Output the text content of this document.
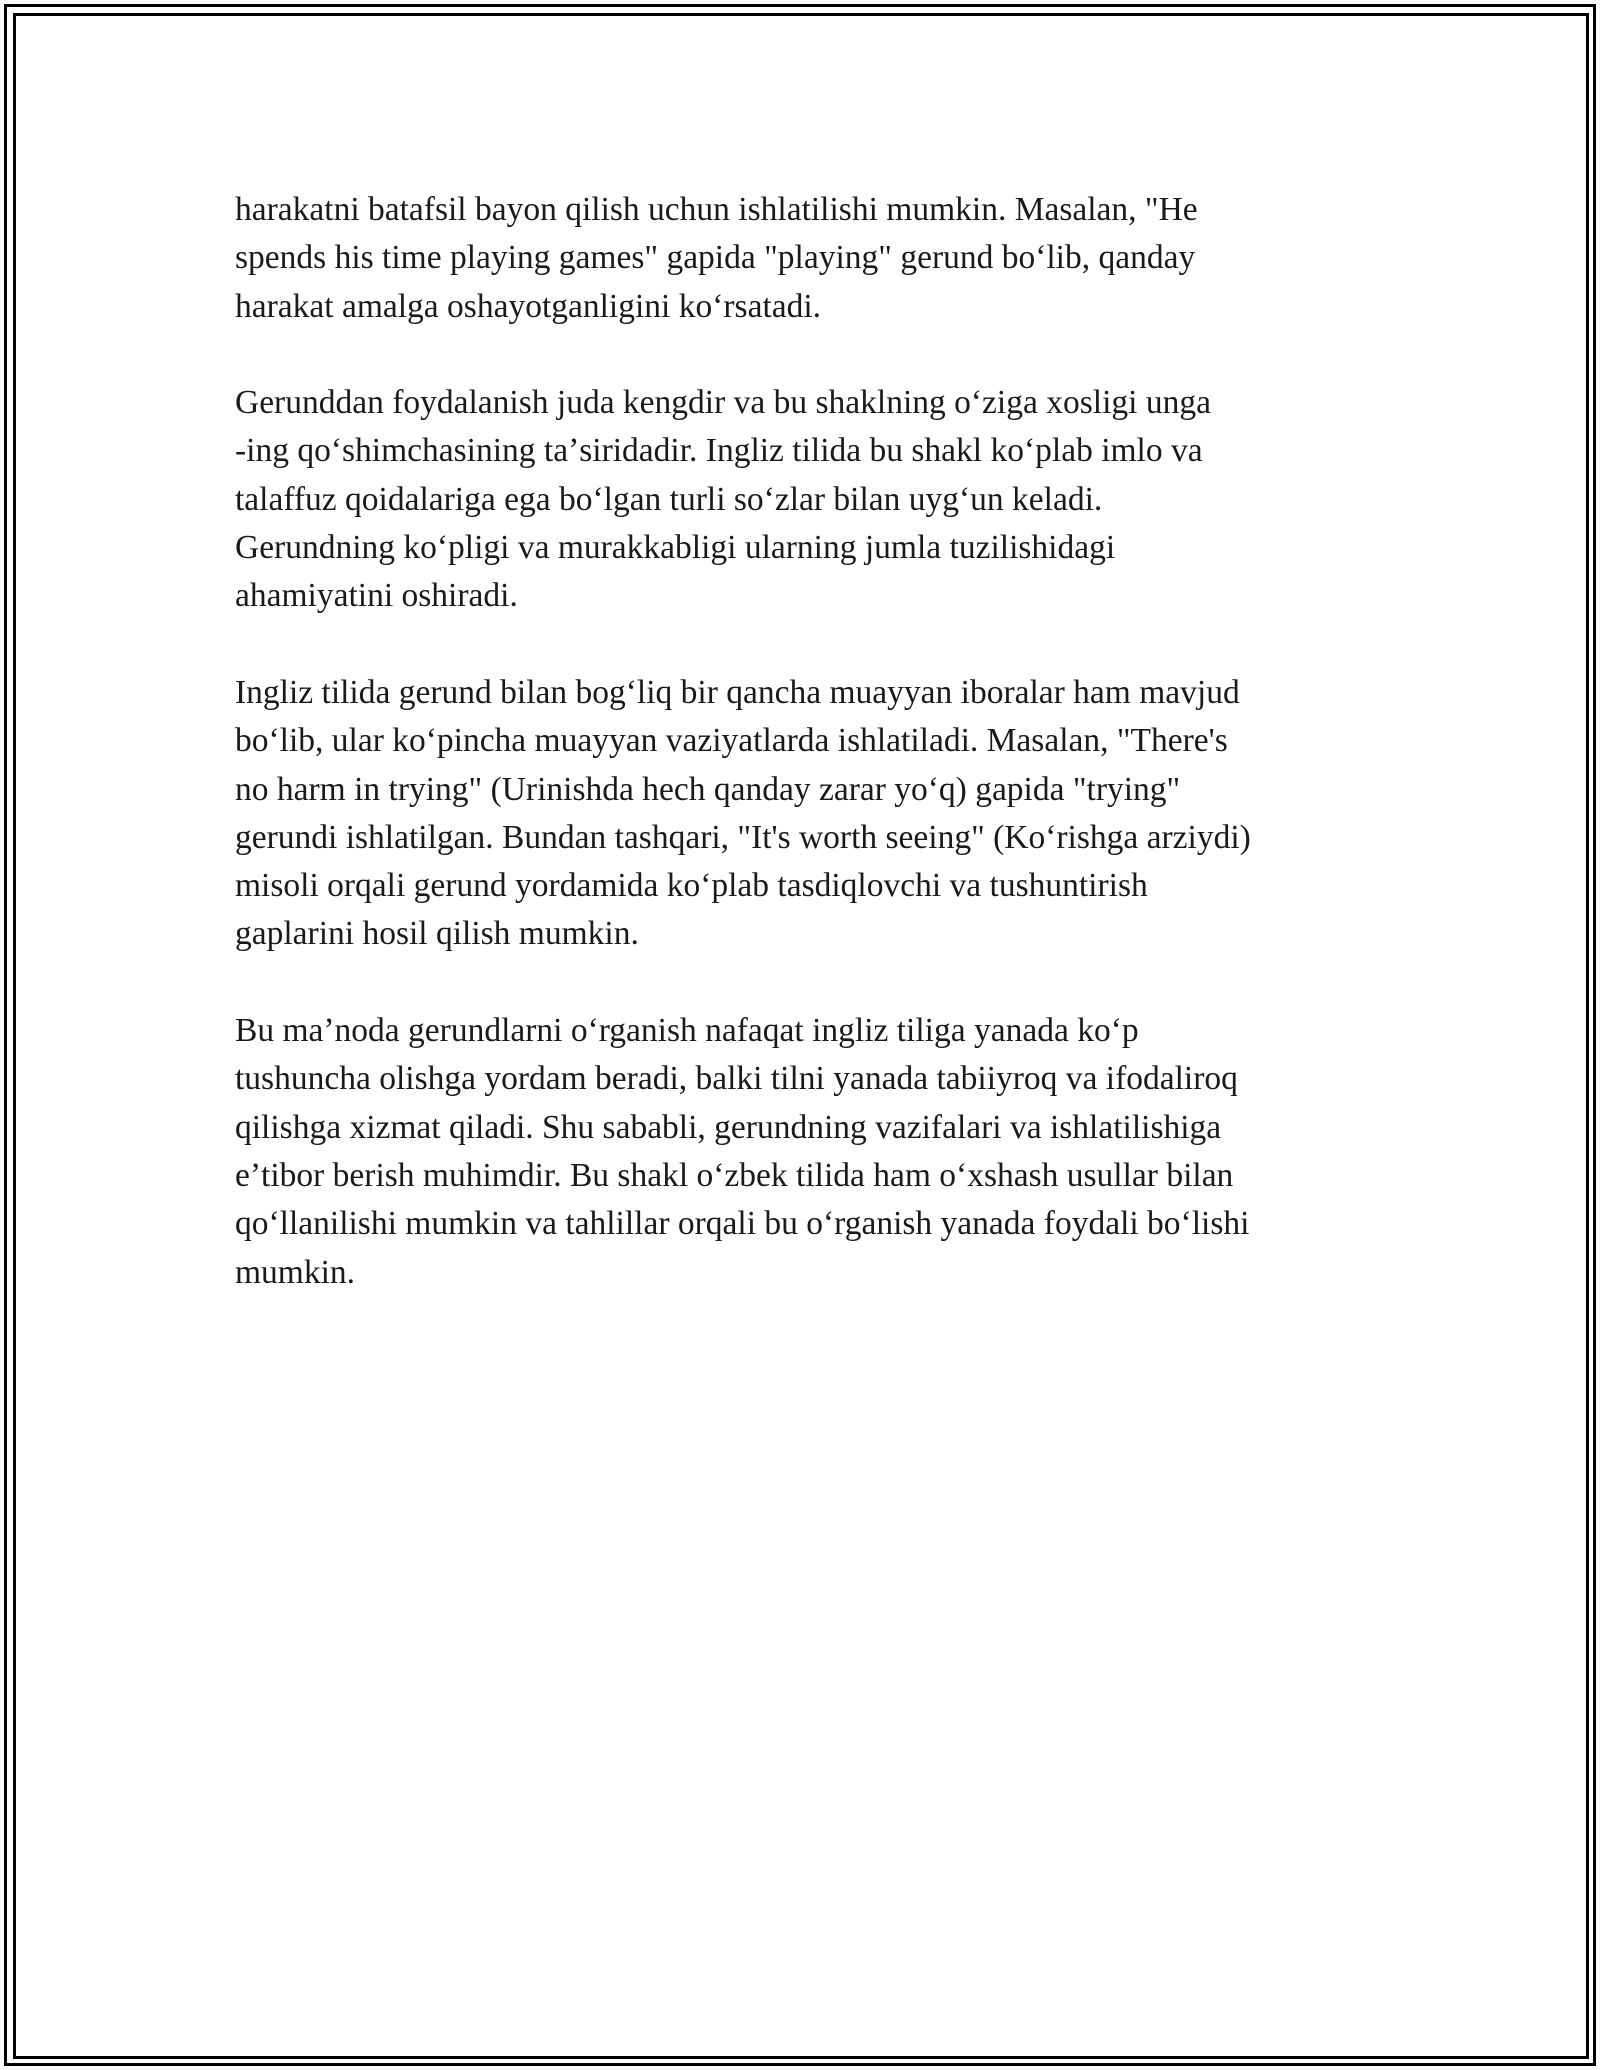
harakatni batafsil bayon qilish uchun ishlatilishi mumkin. Masalan, "He
spends his time playing games" gapida "playing" gerund boʻlib, qanday
harakat amalga oshayotganligini koʻrsatadi.

Gerunddan foydalanish juda kengdir va bu shaklning oʻziga xosligi unga
-ing qoʻshimchasining taʼsiridadir. Ingliz tilida bu shakl koʻplab imlo va
talaffuz qoidalariga ega boʻlgan turli soʻzlar bilan uygʻun keladi.
Gerundning koʻpligi va murakkabligi ularning jumla tuzilishidagi
ahamiyatini oshiradi.

Ingliz tilida gerund bilan bogʻliq bir qancha muayyan iboralar ham mavjud
boʻlib, ular koʻpincha muayyan vaziyatlarda ishlatiladi. Masalan, "There's
no harm in trying" (Urinishda hech qanday zarar yoʻq) gapida "trying"
gerundi ishlatilgan. Bundan tashqari, "It's worth seeing" (Koʻrishga arziydi)
misoli orqali gerund yordamida koʻplab tasdiqlovchi va tushuntirish
gaplarini hosil qilish mumkin.

Bu maʼnoda gerundlarni oʻrganish nafaqat ingliz tiliga yanada koʻp
tushuncha olishga yordam beradi, balki tilni yanada tabiiyroq va ifodaliroq
qilishga xizmat qiladi. Shu sababli, gerundning vazifalari va ishlatilishiga
eʼtibor berish muhimdir. Bu shakl oʻzbek tilida ham oʻxshash usullar bilan
qoʻllanilishi mumkin va tahlillar orqali bu oʻrganish yanada foydali boʻlishi
mumkin.
